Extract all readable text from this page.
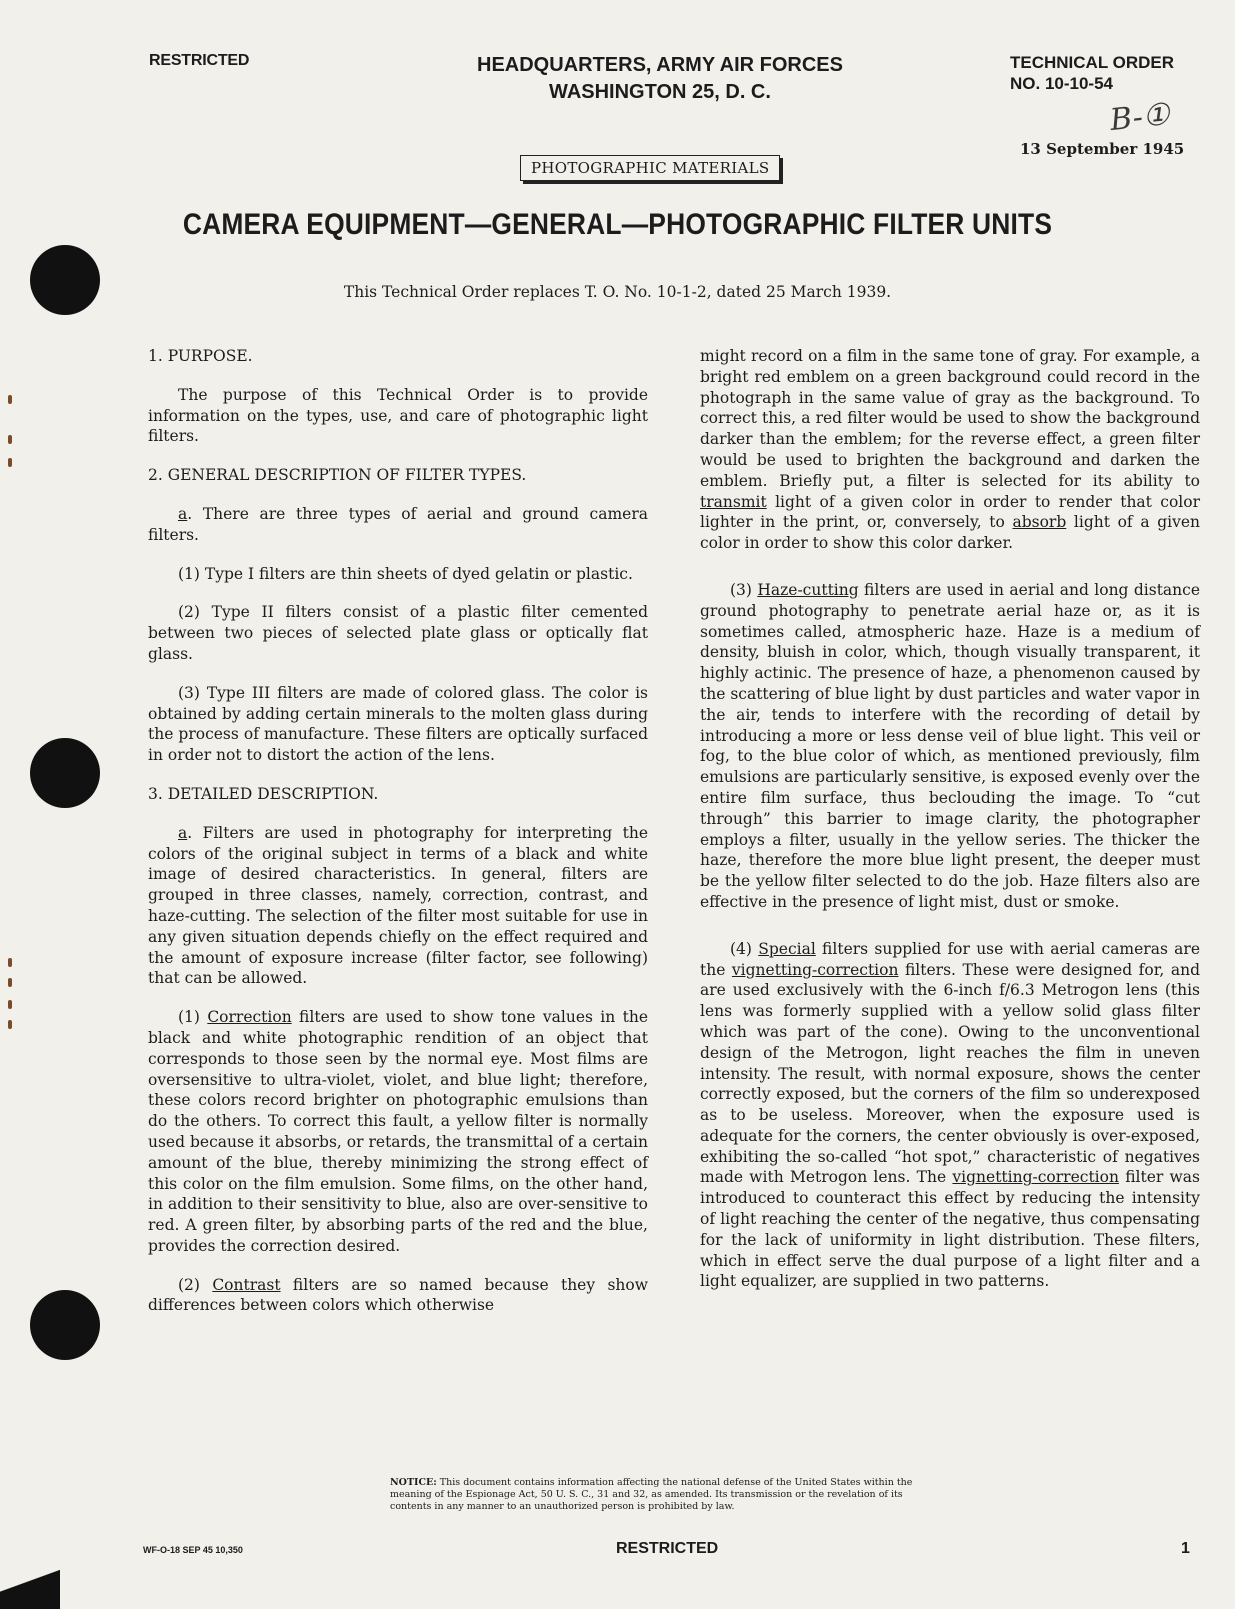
RESTRICTED	HEADQUARTERS, ARMY AIR FORCES
WASHINGTON 25, D. C.
TECHNICAL ORDER
NO. 10-10-54
B-①
13 September 1945
PHOTOGRAPHIC MATERIALS
CAMERA EQUIPMENT—GENERAL—PHOTOGRAPHIC FILTER UNITS
This Technical Order replaces T. O. No. 10-1-2, dated 25 March 1939.

1. PURPOSE.

The purpose of this Technical Order is to provide information on the types, use, and care of photographic light filters.

2. GENERAL DESCRIPTION OF FILTER TYPES.

a. There are three types of aerial and ground camera filters.

(1) Type I filters are thin sheets of dyed gelatin or plastic.

(2) Type II filters consist of a plastic filter cemented between two pieces of selected plate glass or optically flat glass.

(3) Type III filters are made of colored glass. The color is obtained by adding certain minerals to the molten glass during the process of manufacture. These filters are optically surfaced in order not to distort the action of the lens.

3. DETAILED DESCRIPTION.

a. Filters are used in photography for interpreting the colors of the original subject in terms of a black and white image of desired characteristics. In general, filters are grouped in three classes, namely, correction, contrast, and haze-cutting. The selection of the filter most suitable for use in any given situation depends chiefly on the effect required and the amount of exposure increase (filter factor, see following) that can be allowed.

(1) Correction filters are used to show tone values in the black and white photographic rendition of an object that corresponds to those seen by the normal eye. Most films are oversensitive to ultra-violet, violet, and blue light; therefore, these colors record brighter on photographic emulsions than do the others. To correct this fault, a yellow filter is normally used because it absorbs, or retards, the transmittal of a certain amount of the blue, thereby minimizing the strong effect of this color on the film emulsion. Some films, on the other hand, in addition to their sensitivity to blue, also are over-sensitive to red. A green filter, by absorbing parts of the red and the blue, provides the correction desired.

(2) Contrast filters are so named because they show differences between colors which otherwise

might record on a film in the same tone of gray. For example, a bright red emblem on a green background could record in the photograph in the same value of gray as the background. To correct this, a red filter would be used to show the background darker than the emblem; for the reverse effect, a green filter would be used to brighten the background and darken the emblem. Briefly put, a filter is selected for its ability to transmit light of a given color in order to render that color lighter in the print, or, conversely, to absorb light of a given color in order to show this color darker.

(3) Haze-cutting filters are used in aerial and long distance ground photography to penetrate aerial haze or, as it is sometimes called, atmospheric haze. Haze is a medium of density, bluish in color, which, though visually transparent, it highly actinic. The presence of haze, a phenomenon caused by the scattering of blue light by dust particles and water vapor in the air, tends to interfere with the recording of detail by introducing a more or less dense veil of blue light. This veil or fog, to the blue color of which, as mentioned previously, film emulsions are particularly sensitive, is exposed evenly over the entire film surface, thus beclouding the image. To “cut through” this barrier to image clarity, the photographer employs a filter, usually in the yellow series. The thicker the haze, therefore the more blue light present, the deeper must be the yellow filter selected to do the job. Haze filters also are effective in the presence of light mist, dust or smoke.

(4) Special filters supplied for use with aerial cameras are the vignetting-correction filters. These were designed for, and are used exclusively with the 6-inch f/6.3 Metrogon lens (this lens was formerly supplied with a yellow solid glass filter which was part of the cone). Owing to the unconventional design of the Metrogon, light reaches the film in uneven intensity. The result, with normal exposure, shows the center correctly exposed, but the corners of the film so underexposed as to be useless. Moreover, when the exposure used is adequate for the corners, the center obviously is over-exposed, exhibiting the so-called “hot spot,” characteristic of negatives made with Metrogon lens. The vignetting-correction filter was introduced to counteract this effect by reducing the intensity of light reaching the center of the negative, thus compensating for the lack of uniformity in light distribution. These filters, which in effect serve the dual purpose of a light filter and a light equalizer, are supplied in two patterns.

NOTICE: This document contains information affecting the national defense of the United States within the meaning of the Espionage Act, 50 U. S. C., 31 and 32, as amended. Its transmission or the revelation of its contents in any manner to an unauthorized person is prohibited by law.
WF-O-18 SEP 45 10,350	RESTRICTED	1
